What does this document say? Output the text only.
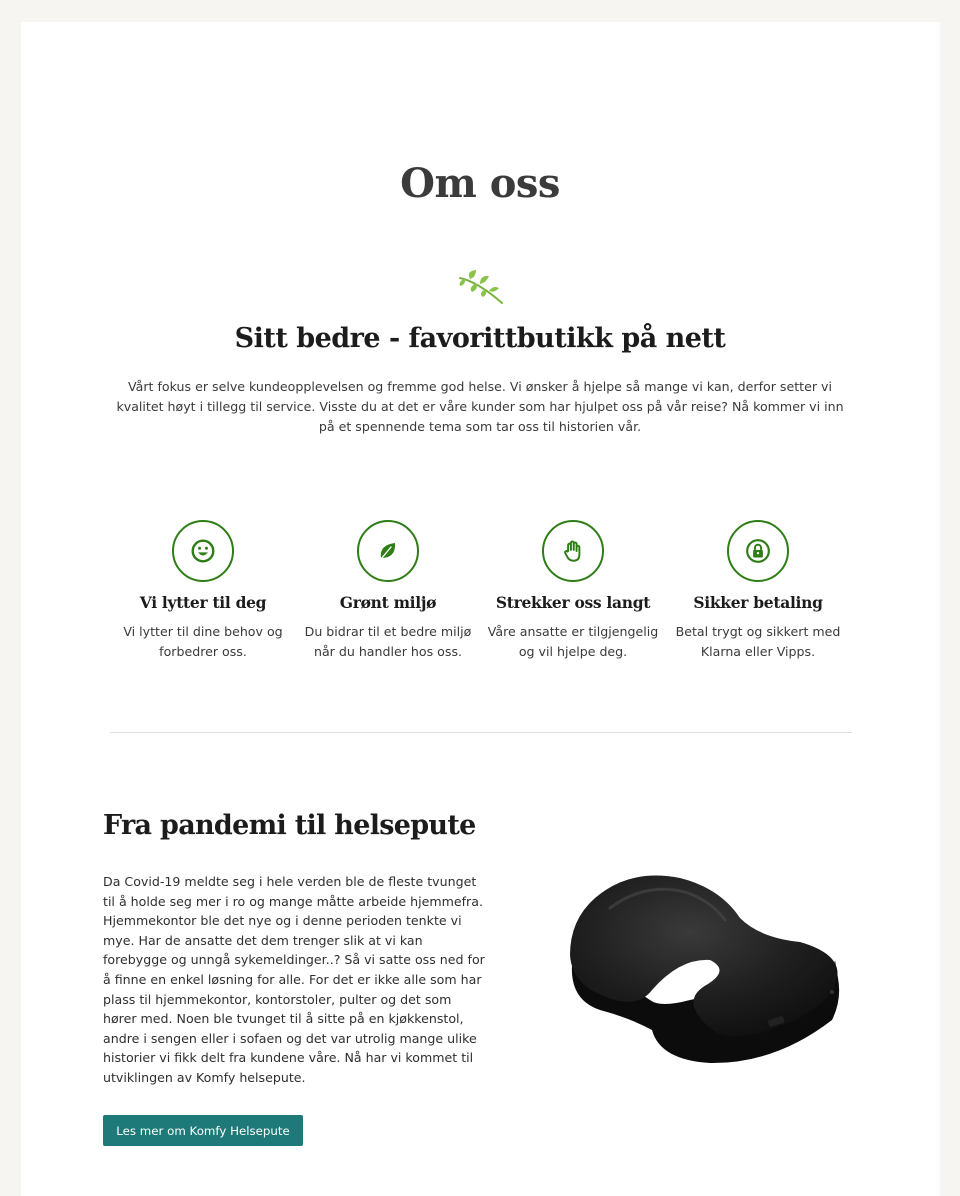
Om oss
Sitt bedre - favorittbutikk på nett

Vårt fokus er selve kundeopplevelsen og fremme god helse. Vi ønsker å hjelpe så mange vi kan, derfor setter vi kvalitet høyt i tillegg til service. Visste du at det er våre kunder som har hjulpet oss på vår reise? Nå kommer vi inn på et spennende tema som tar oss til historien vår.

Vi lytter til deg

Vi lytter til dine behov og forbedrer oss.

Grønt miljø

Du bidrar til et bedre miljø når du handler hos oss.

Strekker oss langt

Våre ansatte er tilgjengelig og vil hjelpe deg.

Sikker betaling

Betal trygt og sikkert med Klarna eller Vipps.

Fra pandemi til helsepute

Da Covid-19 meldte seg i hele verden ble de fleste tvunget til å holde seg mer i ro og mange måtte arbeide hjemmefra. Hjemmekontor ble det nye og i denne perioden tenkte vi mye. Har de ansatte det dem trenger slik at vi kan forebygge og unngå sykemeldinger..? Så vi satte oss ned for å finne en enkel løsning for alle. For det er ikke alle som har plass til hjemmekontor, kontorstoler, pulter og det som hører med. Noen ble tvunget til å sitte på en kjøkkenstol, andre i sengen eller i sofaen og det var utrolig mange ulike historier vi fikk delt fra kundene våre. Nå har vi kommet til utviklingen av Komfy helsepute.

Les mer om Komfy Helsepute
